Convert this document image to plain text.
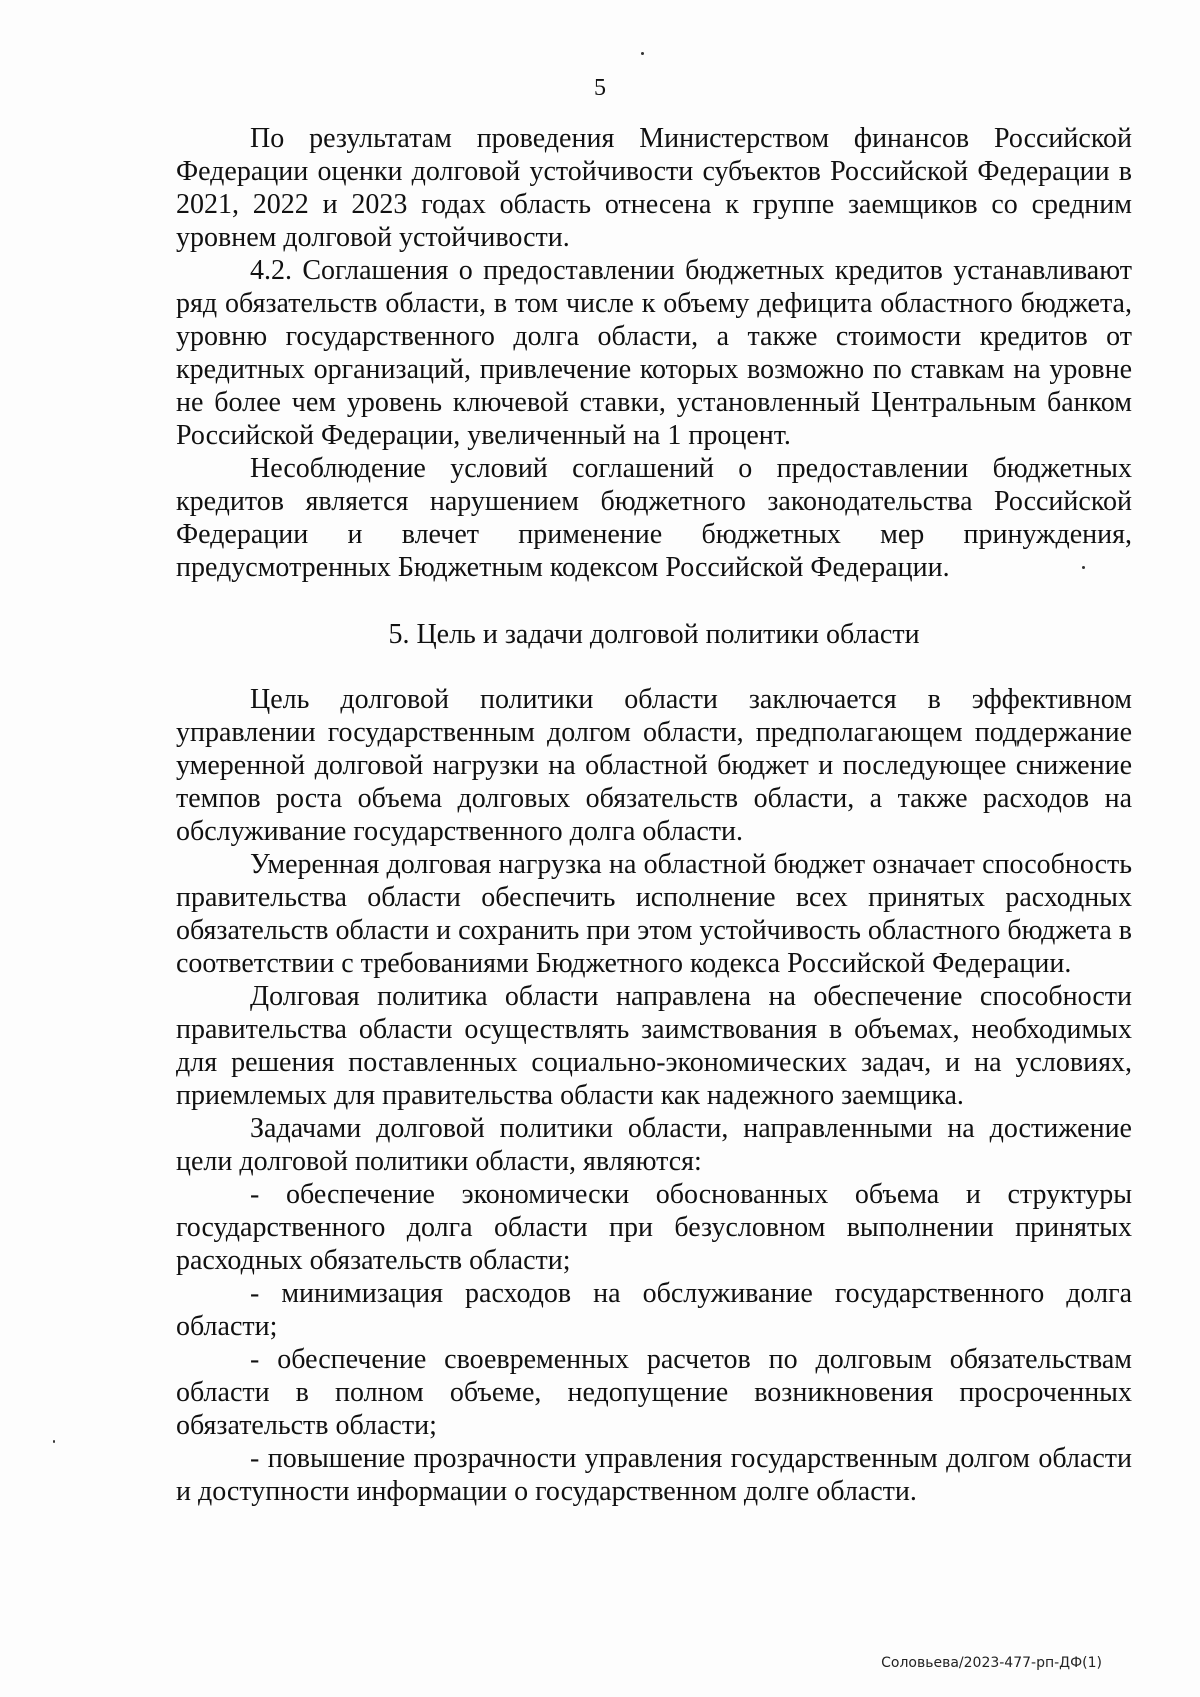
5

По результатам проведения Министерством финансов Российской Федерации оценки долговой устойчивости субъектов Российской Федерации в 2021, 2022 и 2023 годах область отнесена к группе заемщиков со средним уровнем долговой устойчивости.

4.2. Соглашения о предоставлении бюджетных кредитов устанавливают ряд обязательств области, в том числе к объему дефицита областного бюджета, уровню государственного долга области, а также стоимости кредитов от кредитных организаций, привлечение которых возможно по ставкам на уровне не более чем уровень ключевой ставки, установленный Центральным банком Российской Федерации, увеличенный на 1 процент.

Несоблюдение условий соглашений о предоставлении бюджетных кредитов является нарушением бюджетного законодательства Российской Федерации и влечет применение бюджетных мер принуждения, предусмотренных Бюджетным кодексом Российской Федерации.

5. Цель и задачи долговой политики области

Цель долговой политики области заключается в эффективном управлении государственным долгом области, предполагающем поддержание умеренной долговой нагрузки на областной бюджет и последующее снижение темпов роста объема долговых обязательств области, а также расходов на обслуживание государственного долга области.

Умеренная долговая нагрузка на областной бюджет означает способность правительства области обеспечить исполнение всех принятых расходных обязательств области и сохранить при этом устойчивость областного бюджета в соответствии с требованиями Бюджетного кодекса Российской Федерации.

Долговая политика области направлена на обеспечение способности правительства области осуществлять заимствования в объемах, необходимых для решения поставленных социально-экономических задач, и на условиях, приемлемых для правительства области как надежного заемщика.

Задачами долговой политики области, направленными на достижение цели долговой политики области, являются:

- обеспечение экономически обоснованных объема и структуры государственного долга области при безусловном выполнении принятых расходных обязательств области;

- минимизация расходов на обслуживание государственного долга области;

- обеспечение своевременных расчетов по долговым обязательствам области в полном объеме, недопущение возникновения просроченных обязательств области;

- повышение прозрачности управления государственным долгом области и доступности информации о государственном долге области.

Соловьева/2023-477-рп-ДФ(1)
